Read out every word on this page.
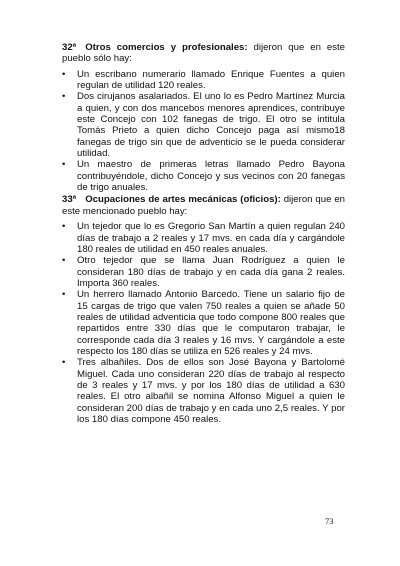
32ª Otros comercios y profesionales: dijeron que en este pueblo sólo hay:

• Un escribano numerario llamado Enrique Fuentes a quien regulan de utilidad 120 reales.
• Dos cirujanos asalariados. El uno lo es Pedro Martínez Murcia a quien, y con dos mancebos menores aprendices, contribuye este Concejo con 102 fanegas de trigo. El otro se intitula Tomás Prieto a quien dicho Concejo paga así mismo18 fanegas de trigo sin que de adventicio se le pueda considerar utilidad.
• Un maestro de primeras letras llamado Pedro Bayona contribuyéndole, dicho Concejo y sus vecinos con 20 fanegas de trigo anuales.

33ª Ocupaciones de artes mecánicas (oficios): dijeron que en este mencionado pueblo hay:

• Un tejedor que lo es Gregorio San Martín a quien regulan 240 días de trabajo a 2 reales y 17 mvs. en cada día y cargándole 180 reales de utilidad en 450 reales anuales.
• Otro tejedor que se llama Juan Rodríguez a quien le consideran 180 días de trabajo y en cada día gana 2 reales. Importa 360 reales.
• Un herrero llamado Antonio Barcedo. Tiene un salario fijo de 15 cargas de trigo que valen 750 reales a quien se añade 50 reales de utilidad adventicia que todo compone 800 reales que repartidos entre 330 días que le computaron trabajar, le corresponde cada día 3 reales y 16 mvs. Y cargándole a este respecto los 180 días se utiliza en 526 reales y 24 mvs.
• Tres albañiles. Dos de ellos son José Bayona y Bartolomé Miguel. Cada uno consideran 220 días de trabajo al respecto de 3 reales y 17 mvs. y por los 180 días de utilidad a 630 reales. El otro albañil se nomina Alfonso Miguel a quien le consideran 200 días de trabajo y en cada uno 2,5 reales. Y por los 180 días compone 450 reales.
73
